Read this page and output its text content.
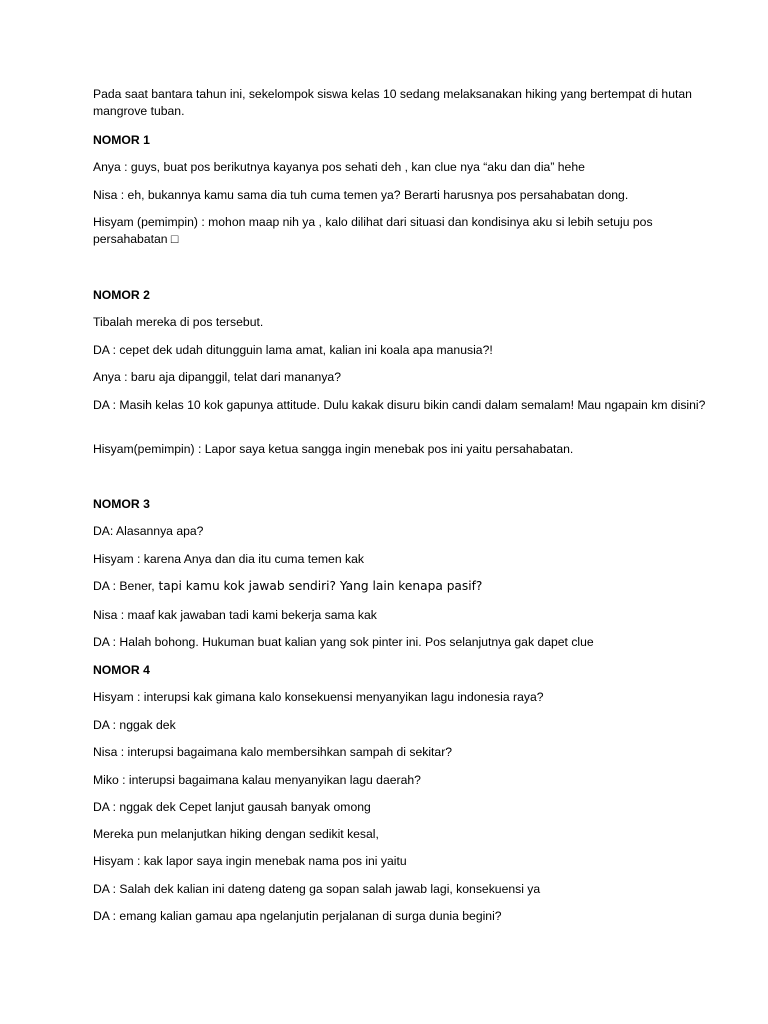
Pada saat bantara tahun ini, sekelompok siswa kelas 10 sedang melaksanakan hiking yang bertempat di hutan mangrove tuban.
NOMOR 1
Anya : guys, buat pos berikutnya kayanya pos sehati deh , kan clue nya “aku dan dia” hehe
Nisa : eh, bukannya kamu sama dia tuh cuma temen ya? Berarti harusnya pos persahabatan dong.
Hisyam (pemimpin) : mohon maap nih ya , kalo dilihat dari situasi dan kondisinya aku si lebih setuju pos persahabatan □
NOMOR 2
Tibalah mereka di pos tersebut.
DA : cepet dek udah ditungguin lama amat, kalian ini koala apa manusia?!
Anya : baru aja dipanggil, telat dari mananya?
DA : Masih kelas 10 kok gapunya attitude. Dulu kakak disuru bikin candi dalam semalam! Mau ngapain km disini?
Hisyam(pemimpin) : Lapor saya ketua sangga ingin menebak pos ini yaitu persahabatan.
NOMOR 3
DA: Alasannya apa?
Hisyam : karena Anya dan dia itu cuma temen kak
DA : Bener, tapi kamu kok jawab sendiri? Yang lain kenapa pasif?
Nisa : maaf kak jawaban tadi kami bekerja sama kak
DA : Halah bohong. Hukuman buat kalian yang sok pinter ini. Pos selanjutnya gak dapet clue
NOMOR 4
Hisyam : interupsi kak gimana kalo konsekuensi menyanyikan lagu indonesia raya?
DA : nggak dek
Nisa : interupsi bagaimana kalo membersihkan sampah di sekitar?
Miko : interupsi bagaimana kalau menyanyikan lagu daerah?
DA : nggak dek Cepet lanjut gausah banyak omong
Mereka pun melanjutkan hiking dengan sedikit kesal,
Hisyam : kak lapor saya ingin menebak nama pos ini yaitu
DA : Salah dek kalian ini dateng dateng ga sopan salah jawab lagi, konsekuensi ya
DA : emang kalian gamau apa ngelanjutin perjalanan di surga dunia begini?
